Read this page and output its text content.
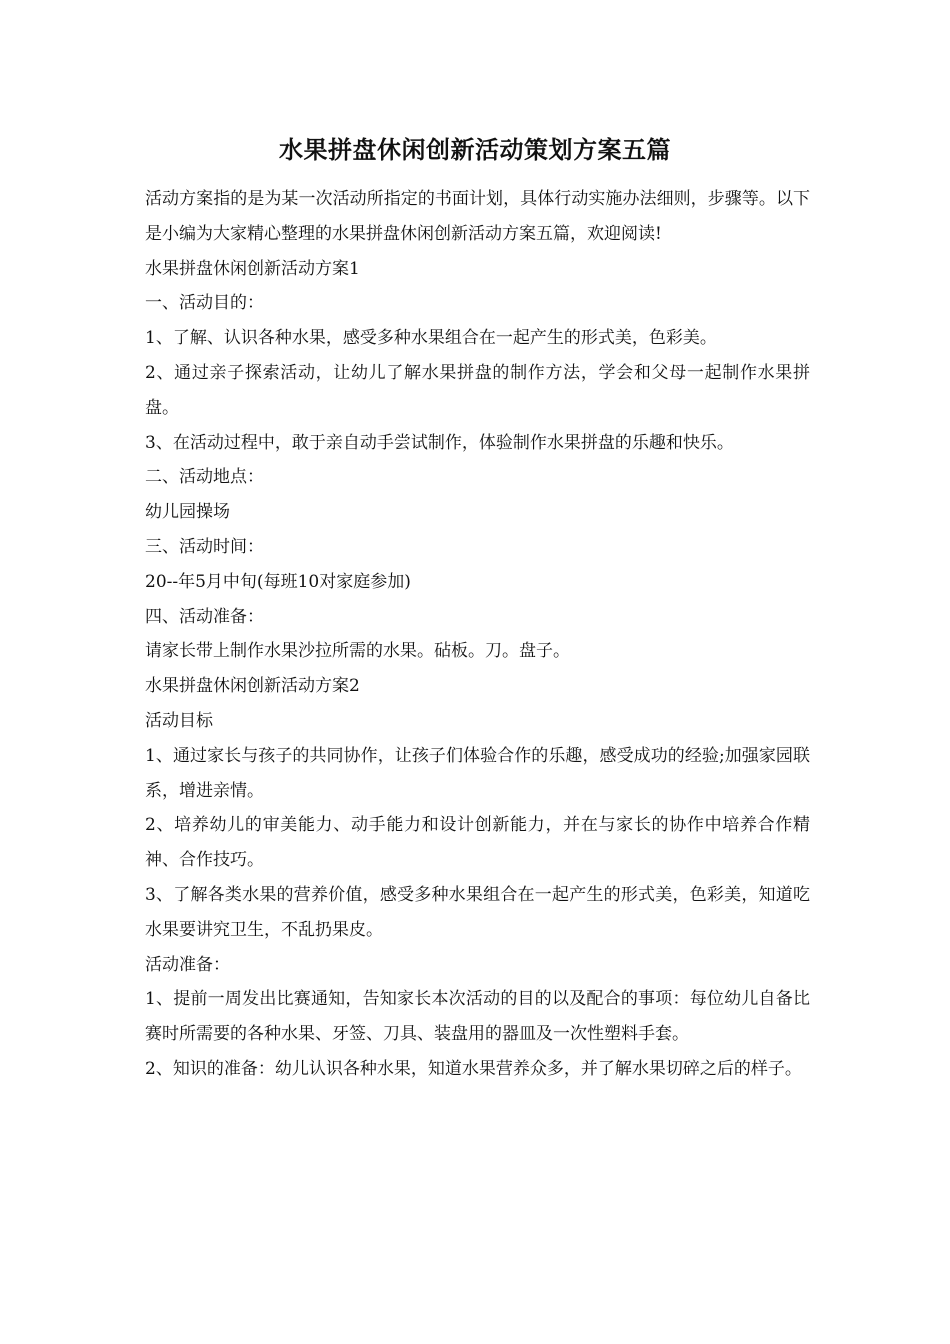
水果拼盘休闲创新活动策划方案五篇

活动方案指的是为某一次活动所指定的书面计划，具体行动实施办法细则，步骤等。以下是小编为大家精心整理的水果拼盘休闲创新活动方案五篇，欢迎阅读!

水果拼盘休闲创新活动方案1

一、活动目的：

1、了解、认识各种水果，感受多种水果组合在一起产生的形式美，色彩美。

2、通过亲子探索活动，让幼儿了解水果拼盘的制作方法，学会和父母一起制作水果拼盘。

3、在活动过程中，敢于亲自动手尝试制作，体验制作水果拼盘的乐趣和快乐。

二、活动地点：

幼儿园操场

三、活动时间：

20--年5月中旬(每班10对家庭参加)

四、活动准备：

请家长带上制作水果沙拉所需的水果。砧板。刀。盘子。

水果拼盘休闲创新活动方案2

活动目标

1、通过家长与孩子的共同协作，让孩子们体验合作的乐趣，感受成功的经验;加强家园联系，增进亲情。

2、培养幼儿的审美能力、动手能力和设计创新能力，并在与家长的协作中培养合作精神、合作技巧。

3、了解各类水果的营养价值，感受多种水果组合在一起产生的形式美，色彩美，知道吃水果要讲究卫生，不乱扔果皮。

活动准备：

1、提前一周发出比赛通知，告知家长本次活动的目的以及配合的事项：每位幼儿自备比赛时所需要的各种水果、牙签、刀具、装盘用的器皿及一次性塑料手套。

2、知识的准备：幼儿认识各种水果，知道水果营养众多，并了解水果切碎之后的样子。
